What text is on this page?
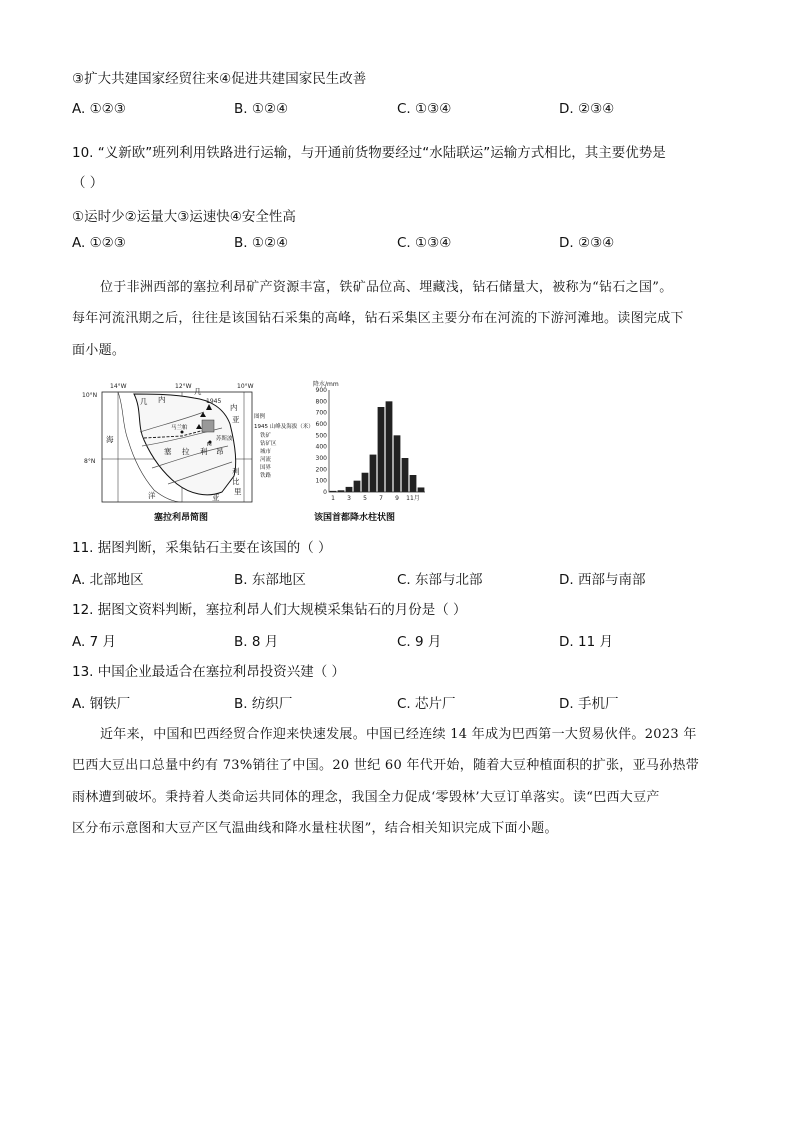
③扩大共建国家经贸往来④促进共建国家民生改善
A. ①②③	B. ①②④	C. ①③④	D. ②③④
10. “义新欧”班列利用铁路进行运输，与开通前货物要经过“水陆联运”运输方式相比，其主要优势是
（ ）
①运时少②运量大③运速快④安全性高
A. ①②③	B. ①②④	C. ①③④	D. ②③④
位于非洲西部的塞拉利昂矿产资源丰富，铁矿品位高、埋藏浅，钻石储量大，被称为“钻石之国”。
每年河流汛期之后，往往是该国钻石采集的高峰，钻石采集区主要分布在河流的下游河滩地。读图完成下
面小题。
14°W	12°W	10°W
10°N
8°N
1945
马兰帕
M
苏斯波
海
洋
塞 拉 利 昂
几 内
几
内
亚
利
比
里
亚
图例
1945 山峰及海拔（米）
铁矿
钻矿区
城市
河流
国界
铁路
塞拉利昂简图
降水/mm
0
100
200
300
400
500
600
700
800
900
1 3 5 7 9 11月
该国首都降水柱状图
11. 据图判断，采集钻石主要在该国的（ ）
A. 北部地区	B. 东部地区	C. 东部与北部	D. 西部与南部
12. 据图文资料判断，塞拉利昂人们大规模采集钻石的月份是（ ）
A. 7 月	B. 8 月	C. 9 月	D. 11 月
13. 中国企业最适合在塞拉利昂投资兴建（ ）
A. 钢铁厂	B. 纺织厂	C. 芯片厂	D. 手机厂
近年来，中国和巴西经贸合作迎来快速发展。中国已经连续 14 年成为巴西第一大贸易伙伴。2023 年
巴西大豆出口总量中约有 73%销往了中国。20 世纪 60 年代开始，随着大豆种植面积的扩张，亚马孙热带
雨林遭到破坏。秉持着人类命运共同体的理念，我国全力促成‘零毁林’大豆订单落实。读“巴西大豆产
区分布示意图和大豆产区气温曲线和降水量柱状图”，结合相关知识完成下面小题。
